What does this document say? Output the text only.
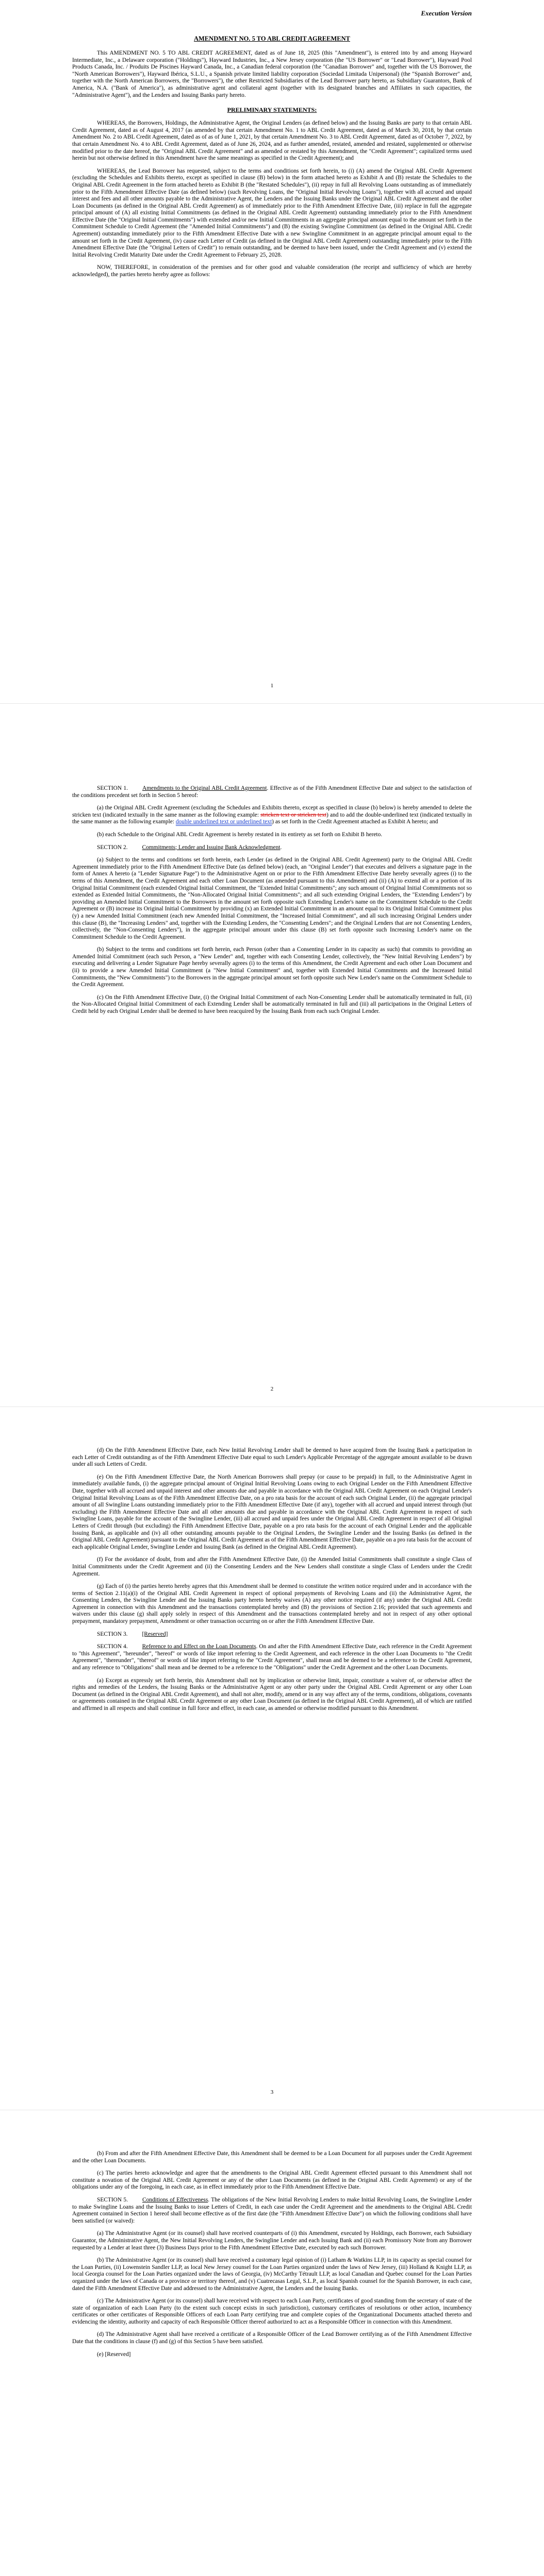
Execution Version
AMENDMENT NO. 5 TO ABL CREDIT AGREEMENT

This AMENDMENT NO. 5 TO ABL CREDIT AGREEMENT, dated as of June 18, 2025 (this "Amendment"), is entered into by and among Hayward Intermediate, Inc., a Delaware corporation ("Holdings"), Hayward Industries, Inc., a New Jersey corporation (the "US Borrower" or "Lead Borrower"), Hayward Pool Products Canada, Inc. / Produits De Piscines Hayward Canada, Inc., a Canadian federal corporation (the "Canadian Borrower" and, together with the US Borrower, the "North American Borrowers"), Hayward Ibérica, S.L.U., a Spanish private limited liability corporation (Sociedad Limitada Unipersonal) (the "Spanish Borrower" and, together with the North American Borrowers, the "Borrowers"), the other Restricted Subsidiaries of the Lead Borrower party hereto, as Subsidiary Guarantors, Bank of America, N.A. ("Bank of America"), as administrative agent and collateral agent (together with its designated branches and Affiliates in such capacities, the "Administrative Agent"), and the Lenders and Issuing Banks party hereto.

PRELIMINARY STATEMENTS:

WHEREAS, the Borrowers, Holdings, the Administrative Agent, the Original Lenders (as defined below) and the Issuing Banks are party to that certain ABL Credit Agreement, dated as of August 4, 2017 (as amended by that certain Amendment No. 1 to ABL Credit Agreement, dated as of March 30, 2018, by that certain Amendment No. 2 to ABL Credit Agreement, dated as of as of June 1, 2021, by that certain Amendment No. 3 to ABL Credit Agreement, dated as of October 7, 2022, by that certain Amendment No. 4 to ABL Credit Agreement, dated as of June 26, 2024, and as further amended, restated, amended and restated, supplemented or otherwise modified prior to the date hereof, the "Original ABL Credit Agreement" and as amended or restated by this Amendment, the "Credit Agreement"; capitalized terms used herein but not otherwise defined in this Amendment have the same meanings as specified in the Credit Agreement); and

WHEREAS, the Lead Borrower has requested, subject to the terms and conditions set forth herein, to (i) (A) amend the Original ABL Credit Agreement (excluding the Schedules and Exhibits thereto, except as specified in clause (B) below) in the form attached hereto as Exhibit A and (B) restate the Schedules to the Original ABL Credit Agreement in the form attached hereto as Exhibit B (the "Restated Schedules"), (ii) repay in full all Revolving Loans outstanding as of immediately prior to the Fifth Amendment Effective Date (as defined below) (such Revolving Loans, the "Original Initial Revolving Loans"), together with all accrued and unpaid interest and fees and all other amounts payable to the Administrative Agent, the Lenders and the Issuing Banks under the Original ABL Credit Agreement and the other Loan Documents (as defined in the Original ABL Credit Agreement) as of immediately prior to the Fifth Amendment Effective Date, (iii) replace in full the aggregate principal amount of (A) all existing Initial Commitments (as defined in the Original ABL Credit Agreement) outstanding immediately prior to the Fifth Amendment Effective Date (the "Original Initial Commitments") with extended and/or new Initial Commitments in an aggregate principal amount equal to the amount set forth in the Commitment Schedule to Credit Agreement (the "Amended Initial Commitments") and (B) the existing Swingline Commitment (as defined in the Original ABL Credit Agreement) outstanding immediately prior to the Fifth Amendment Effective Date with a new Swingline Commitment in an aggregate principal amount equal to the amount set forth in the Credit Agreement, (iv) cause each Letter of Credit (as defined in the Original ABL Credit Agreement) outstanding immediately prior to the Fifth Amendment Effective Date (the "Original Letters of Credit") to remain outstanding, and be deemed to have been issued, under the Credit Agreement and (v) extend the Initial Revolving Credit Maturity Date under the Credit Agreement to February 25, 2028.

NOW, THEREFORE, in consideration of the premises and for other good and valuable consideration (the receipt and sufficiency of which are hereby acknowledged), the parties hereto hereby agree as follows:

1

SECTION 1. Amendments to the Original ABL Credit Agreement. Effective as of the Fifth Amendment Effective Date and subject to the satisfaction of the conditions precedent set forth in Section 5 hereof:

(a) the Original ABL Credit Agreement (excluding the Schedules and Exhibits thereto, except as specified in clause (b) below) is hereby amended to delete the stricken text (indicated textually in the same manner as the following example: stricken text or stricken text) and to add the double-underlined text (indicated textually in the same manner as the following example: double underlined text or underlined text) as set forth in the Credit Agreement attached as Exhibit A hereto; and

(b) each Schedule to the Original ABL Credit Agreement is hereby restated in its entirety as set forth on Exhibit B hereto.

SECTION 2. Commitments; Lender and Issuing Bank Acknowledgment.

(a) Subject to the terms and conditions set forth herein, each Lender (as defined in the Original ABL Credit Agreement) party to the Original ABL Credit Agreement immediately prior to the Fifth Amendment Effective Date (as defined below) (each, an "Original Lender") that executes and delivers a signature page in the form of Annex A hereto (a "Lender Signature Page") to the Administrative Agent on or prior to the Fifth Amendment Effective Date hereby severally agrees (i) to the terms of this Amendment, the Credit Agreement and each other Loan Document (as amended pursuant to this Amendment) and (ii) (A) to extend all or a portion of its Original Initial Commitment (each extended Original Initial Commitment, the "Extended Initial Commitments"; any such amount of Original Initial Commitments not so extended as Extended Initial Commitments, the "Non-Allocated Original Initial Commitments"; and all such extending Original Lenders, the "Extending Lenders") by providing an Amended Initial Commitment to the Borrowers in the amount set forth opposite such Extending Lender's name on the Commitment Schedule to the Credit Agreement or (B) increase its Original Initial Commitment by providing (x) an Extended Initial Commitment in an amount equal to its Original Initial Commitment plus (y) a new Amended Initial Commitment (each new Amended Initial Commitment, the "Increased Initial Commitment", and all such increasing Original Lenders under this clause (B), the "Increasing Lenders" and, together with the Extending Lenders, the "Consenting Lenders"; and the Original Lenders that are not Consenting Lenders, collectively, the "Non-Consenting Lenders"), in the aggregate principal amount under this clause (B) set forth opposite such Increasing Lender's name on the Commitment Schedule to the Credit Agreement.

(b) Subject to the terms and conditions set forth herein, each Person (other than a Consenting Lender in its capacity as such) that commits to providing an Amended Initial Commitment (each such Person, a "New Lender" and, together with each Consenting Lender, collectively, the "New Initial Revolving Lenders") by executing and delivering a Lender Signature Page hereby severally agrees (i) to the terms of this Amendment, the Credit Agreement and each other Loan Document and (ii) to provide a new Amended Initial Commitment (a "New Initial Commitment" and, together with Extended Initial Commitments and the Increased Initial Commitments, the "New Commitments") to the Borrowers in the aggregate principal amount set forth opposite such New Lender's name on the Commitment Schedule to the Credit Agreement.

(c) On the Fifth Amendment Effective Date, (i) the Original Initial Commitment of each Non-Consenting Lender shall be automatically terminated in full, (ii) the Non-Allocated Original Initial Commitment of each Extending Lender shall be automatically terminated in full and (iii) all participations in the Original Letters of Credit held by each Original Lender shall be deemed to have been reacquired by the Issuing Bank from each such Original Lender.

2

(d) On the Fifth Amendment Effective Date, each New Initial Revolving Lender shall be deemed to have acquired from the Issuing Bank a participation in each Letter of Credit outstanding as of the Fifth Amendment Effective Date equal to such Lender's Applicable Percentage of the aggregate amount available to be drawn under all such Letters of Credit.

(e) On the Fifth Amendment Effective Date, the North American Borrowers shall prepay (or cause to be prepaid) in full, to the Administrative Agent in immediately available funds, (i) the aggregate principal amount of Original Initial Revolving Loans owing to each Original Lender on the Fifth Amendment Effective Date, together with all accrued and unpaid interest and other amounts due and payable in accordance with the Original ABL Credit Agreement on each Original Lender's Original Initial Revolving Loans as of the Fifth Amendment Effective Date, on a pro rata basis for the account of each such Original Lender, (ii) the aggregate principal amount of all Swingline Loans outstanding immediately prior to the Fifth Amendment Effective Date (if any), together with all accrued and unpaid interest through (but excluding) the Fifth Amendment Effective Date and all other amounts due and payable in accordance with the Original ABL Credit Agreement in respect of such Swingline Loans, payable for the account of the Swingline Lender, (iii) all accrued and unpaid fees under the Original ABL Credit Agreement in respect of all Original Letters of Credit through (but excluding) the Fifth Amendment Effective Date, payable on a pro rata basis for the account of each Original Lender and the applicable Issuing Bank, as applicable and (iv) all other outstanding amounts payable to the Original Lenders, the Swingline Lender and the Issuing Banks (as defined in the Original ABL Credit Agreement) pursuant to the Original ABL Credit Agreement as of the Fifth Amendment Effective Date, payable on a pro rata basis for the account of each applicable Original Lender, Swingline Lender and Issuing Bank (as defined in the Original ABL Credit Agreement).

(f) For the avoidance of doubt, from and after the Fifth Amendment Effective Date, (i) the Amended Initial Commitments shall constitute a single Class of Initial Commitments under the Credit Agreement and (ii) the Consenting Lenders and the New Lenders shall constitute a single Class of Lenders under the Credit Agreement.

(g) Each of (i) the parties hereto hereby agrees that this Amendment shall be deemed to constitute the written notice required under and in accordance with the terms of Section 2.11(a)(i) of the Original ABL Credit Agreement in respect of optional prepayments of Revolving Loans and (ii) the Administrative Agent, the Consenting Lenders, the Swingline Lender and the Issuing Banks party hereto hereby waives (A) any other notice required (if any) under the Original ABL Credit Agreement in connection with this Amendment and the transactions contemplated hereby and (B) the provisions of Section 2.16; provided that such agreements and waivers under this clause (g) shall apply solely in respect of this Amendment and the transactions contemplated hereby and not in respect of any other optional prepayment, mandatory prepayment, Amendment or other transaction occurring on or after the Fifth Amendment Effective Date.

SECTION 3. [Reserved]

SECTION 4. Reference to and Effect on the Loan Documents. On and after the Fifth Amendment Effective Date, each reference in the Credit Agreement to "this Agreement", "hereunder", "hereof" or words of like import referring to the Credit Agreement, and each reference in the other Loan Documents to "the Credit Agreement", "thereunder", "thereof" or words of like import referring to the "Credit Agreement", shall mean and be deemed to be a reference to the Credit Agreement, and any reference to "Obligations" shall mean and be deemed to be a reference to the "Obligations" under the Credit Agreement and the other Loan Documents.

(a) Except as expressly set forth herein, this Amendment shall not by implication or otherwise limit, impair, constitute a waiver of, or otherwise affect the rights and remedies of the Lenders, the Issuing Banks or the Administrative Agent or any other party under the Original ABL Credit Agreement or any other Loan Document (as defined in the Original ABL Credit Agreement), and shall not alter, modify, amend or in any way affect any of the terms, conditions, obligations, covenants or agreements contained in the Original ABL Credit Agreement or any other Loan Document (as defined in the Original ABL Credit Agreement), all of which are ratified and affirmed in all respects and shall continue in full force and effect, in each case, as amended or otherwise modified pursuant to this Amendment.

3

(b) From and after the Fifth Amendment Effective Date, this Amendment shall be deemed to be a Loan Document for all purposes under the Credit Agreement and the other Loan Documents.

(c) The parties hereto acknowledge and agree that the amendments to the Original ABL Credit Agreement effected pursuant to this Amendment shall not constitute a novation of the Original ABL Credit Agreement or any of the other Loan Documents (as defined in the Original ABL Credit Agreement) or any of the obligations under any of the foregoing, in each case, as in effect immediately prior to the Fifth Amendment Effective Date.

SECTION 5. Conditions of Effectiveness. The obligations of the New Initial Revolving Lenders to make Initial Revolving Loans, the Swingline Lender to make Swingline Loans and the Issuing Banks to issue Letters of Credit, in each case under the Credit Agreement and the amendments to the Original ABL Credit Agreement contained in Section 1 hereof shall become effective as of the first date (the "Fifth Amendment Effective Date") on which the following conditions shall have been satisfied (or waived):

(a) The Administrative Agent (or its counsel) shall have received counterparts of (i) this Amendment, executed by Holdings, each Borrower, each Subsidiary Guarantor, the Administrative Agent, the New Initial Revolving Lenders, the Swingline Lender and each Issuing Bank and (ii) each Promissory Note from any Borrower requested by a Lender at least three (3) Business Days prior to the Fifth Amendment Effective Date, executed by each such Borrower.

(b) The Administrative Agent (or its counsel) shall have received a customary legal opinion of (i) Latham & Watkins LLP, in its capacity as special counsel for the Loan Parties, (ii) Lowenstein Sandler LLP, as local New Jersey counsel for the Loan Parties organized under the laws of New Jersey, (iii) Holland & Knight LLP, as local Georgia counsel for the Loan Parties organized under the laws of Georgia, (iv) McCarthy Tétrault LLP, as local Canadian and Quebec counsel for the Loan Parties organized under the laws of Canada or a province or territory thereof, and (v) Cuatrecasas Legal, S.L.P., as local Spanish counsel for the Spanish Borrower, in each case, dated the Fifth Amendment Effective Date and addressed to the Administrative Agent, the Lenders and the Issuing Banks.

(c) The Administrative Agent (or its counsel) shall have received with respect to each Loan Party, certificates of good standing from the secretary of state of the state of organization of each Loan Party (to the extent such concept exists in such jurisdiction), customary certificates of resolutions or other action, incumbency certificates or other certificates of Responsible Officers of each Loan Party certifying true and complete copies of the Organizational Documents attached thereto and evidencing the identity, authority and capacity of each Responsible Officer thereof authorized to act as a Responsible Officer in connection with this Amendment.

(d) The Administrative Agent shall have received a certificate of a Responsible Officer of the Lead Borrower certifying as of the Fifth Amendment Effective Date that the conditions in clause (f) and (g) of this Section 5 have been satisfied.

(e) [Reserved]
